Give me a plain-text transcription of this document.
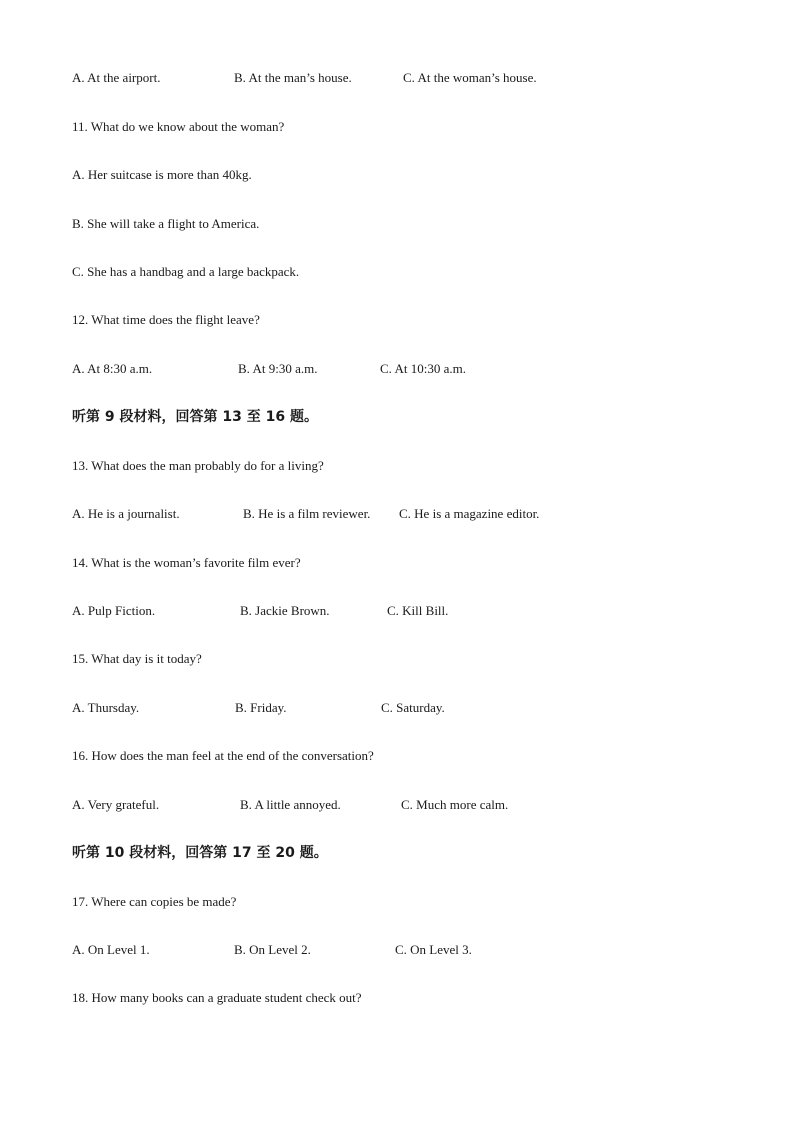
A. At the airport.	B. At the man’s house.	C. At the woman’s house.
11. What do we know about the woman?
A. Her suitcase is more than 40kg.
B. She will take a flight to America.
C. She has a handbag and a large backpack.
12. What time does the flight leave?
A. At 8:30 a.m.	B. At 9:30 a.m.	C. At 10:30 a.m.
听第 9 段材料，回答第 13 至 16 题。
13. What does the man probably do for a living?
A. He is a journalist.	B. He is a film reviewer. C. He is a magazine editor.
14. What is the woman’s favorite film ever?
A. Pulp Fiction.	B. Jackie Brown.	C. Kill Bill.
15. What day is it today?
A. Thursday.	B. Friday.	C. Saturday.
16. How does the man feel at the end of the conversation?
A. Very grateful.	B. A little annoyed.	C. Much more calm.
听第 10 段材料，回答第 17 至 20 题。
17. Where can copies be made?
A. On Level 1.	B. On Level 2.	C. On Level 3.
18. How many books can a graduate student check out?
